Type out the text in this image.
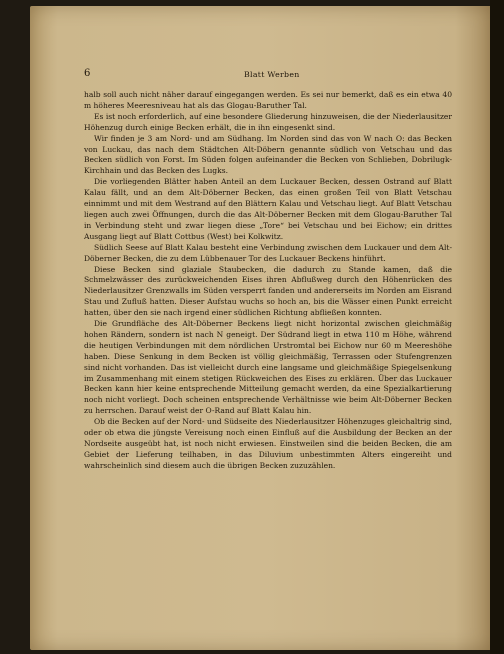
6	Blatt Werben

halb soll auch nicht näher darauf eingegangen werden. Es sei nur bemerkt, daß es ein etwa 40 m höheres Meeresniveau hat als das Glogau-Baruther Tal.

Es ist noch erforderlich, auf eine besondere Gliederung hinzuweisen, die der Niederlausitzer Höhenzug durch einige Becken erhält, die in ihn eingesenkt sind.

Wir finden je 3 am Nord- und am Südhang. Im Norden sind das von W nach O: das Becken von Luckau, das nach dem Städtchen Alt-Döbern genannte südlich von Vetschau und das Becken südlich von Forst. Im Süden folgen aufeinander die Becken von Schlieben, Dobrilugk-Kirchhain und das Becken des Lugks.

Die vorliegenden Blätter haben Anteil an dem Luckauer Becken, dessen Ostrand auf Blatt Kalau fällt, und an dem Alt-Döberner Becken, das einen großen Teil von Blatt Vetschau einnimmt und mit dem Westrand auf den Blättern Kalau und Vetschau liegt. Auf Blatt Vetschau liegen auch zwei Öffnungen, durch die das Alt-Döberner Becken mit dem Glogau-Baruther Tal in Verbindung steht und zwar liegen diese „Tore“ bei Vetschau und bei Eichow; ein drittes Ausgang liegt auf Blatt Cottbus (West) bei Kolkwitz.

Südlich Seese auf Blatt Kalau besteht eine Verbindung zwischen dem Luckauer und dem Alt-Döberner Becken, die zu dem Lübbenauer Tor des Luckauer Beckens hinführt.

Diese Becken sind glaziale Staubecken, die dadurch zu Stande kamen, daß die Schmelzwässer des zurückweichenden Eises ihren Abflußweg durch den Höhenrücken des Niederlausitzer Grenzwalls im Süden versperrt fanden und andererseits im Norden am Eisrand Stau und Zufluß hatten. Dieser Aufstau wuchs so hoch an, bis die Wässer einen Punkt erreicht hatten, über den sie nach irgend einer südlichen Richtung abfließen konnten.

Die Grundfläche des Alt-Döberner Beckens liegt nicht horizontal zwischen gleichmäßig hohen Rändern, sondern ist nach N geneigt. Der Südrand liegt in etwa 110 m Höhe, während die heutigen Verbindungen mit dem nördlichen Urstromtal bei Eichow nur 60 m Meereshöhe haben. Diese Senkung in dem Becken ist völlig gleichmäßig, Terrassen oder Stufengrenzen sind nicht vorhanden. Das ist vielleicht durch eine langsame und gleichmäßige Spiegelsenkung im Zusammenhang mit einem stetigen Rückweichen des Eises zu erklären. Über das Luckauer Becken kann hier keine entsprechende Mitteilung gemacht werden, da eine Spezialkartierung noch nicht vorliegt. Doch scheinen entsprechende Verhältnisse wie beim Alt-Döberner Becken zu herrschen. Darauf weist der O-Rand auf Blatt Kalau hin.

Ob die Becken auf der Nord- und Südseite des Niederlausitzer Höhenzuges gleichaltrig sind, oder ob etwa die jüngste Vereisung noch einen Einfluß auf die Ausbildung der Becken an der Nordseite ausgeübt hat, ist noch nicht erwiesen. Einstweilen sind die beiden Becken, die am Gebiet der Lieferung teilhaben, in das Diluvium unbestimmten Alters eingereiht und wahrscheinlich sind diesem auch die übrigen Becken zuzuzählen.
